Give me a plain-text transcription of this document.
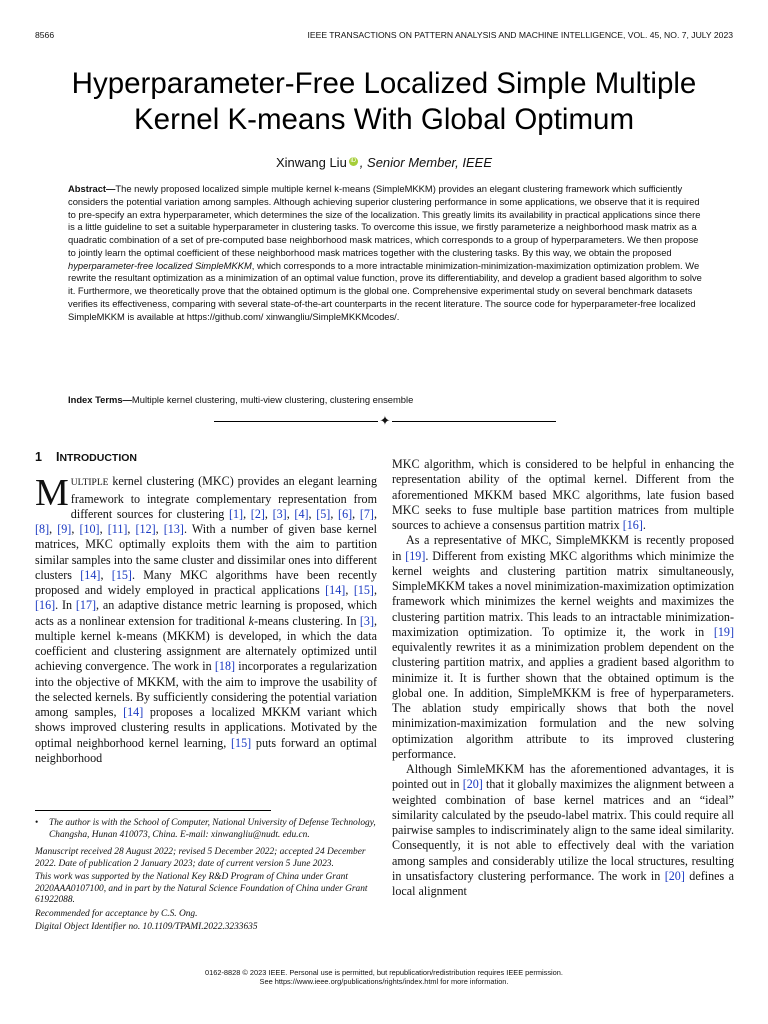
8566	IEEE TRANSACTIONS ON PATTERN ANALYSIS AND MACHINE INTELLIGENCE, VOL. 45, NO. 7, JULY 2023
Hyperparameter-Free Localized Simple Multiple
Kernel K-means With Global Optimum
Xinwang Liu iD , Senior Member, IEEE
Abstract—The newly proposed localized simple multiple kernel k-means (SimpleMKKM) provides an elegant clustering framework which sufficiently considers the potential variation among samples. Although achieving superior clustering performance in some applications, we observe that it is required to pre-specify an extra hyperparameter, which determines the size of the localization. This greatly limits its availability in practical applications since there is a little guideline to set a suitable hyperparameter in clustering tasks. To overcome this issue, we firstly parameterize a neighborhood mask matrix as a quadratic combination of a set of pre-computed base neighborhood mask matrices, which corresponds to a group of hyperparameters. We then propose to jointly learn the optimal coefficient of these neighborhood mask matrices together with the clustering tasks. By this way, we obtain the proposed hyperparameter-free localized SimpleMKKM, which corresponds to a more intractable minimization-minimization-maximization optimization problem. We rewrite the resultant optimization as a minimization of an optimal value function, prove its differentiability, and develop a gradient based algorithm to solve it. Furthermore, we theoretically prove that the obtained optimum is the global one. Comprehensive experimental study on several benchmark datasets verifies its effectiveness, comparing with several state-of-the-art counterparts in the recent literature. The source code for hyperparameter-free localized SimpleMKKM is available at https://github.com/ xinwangliu/SimpleMKKMcodes/.
Index Terms—Multiple kernel clustering, multi-view clustering, clustering ensemble
✦
1 INTRODUCTION

MULTIPLE kernel clustering (MKC) provides an elegant learning framework to integrate complementary representation from different sources for clustering [1], [2], [3], [4], [5], [6], [7], [8], [9], [10], [11], [12], [13]. With a number of given base kernel matrices, MKC optimally exploits them with the aim to partition similar samples into the same cluster and dissimilar ones into different clusters [14], [15]. Many MKC algorithms have been recently proposed and widely employed in practical applications [14], [15], [16]. In [17], an adaptive distance metric learning is proposed, which acts as a nonlinear extension for traditional k-means clustering. In [3], multiple kernel k-means (MKKM) is developed, in which the data coefficient and clustering assignment are alternately optimized until achieving convergence. The work in [18] incorporates a regularization into the objective of MKKM, with the aim to improve the usability of the selected kernels. By sufficiently considering the potential variation among samples, [14] proposes a localized MKKM variant which shows improved clustering results in applications. Motivated by the optimal neighborhood kernel learning, [15] puts forward an optimal neighborhood

MKC algorithm, which is considered to be helpful in enhancing the representation ability of the optimal kernel. Different from the aforementioned MKKM based MKC algorithms, late fusion based MKC seeks to fuse multiple base partition matrices from multiple sources to achieve a consensus partition matrix [16].

As a representative of MKC, SimpleMKKM is recently proposed in [19]. Different from existing MKC algorithms which minimize the kernel weights and clustering partition matrix simultaneously, SimpleMKKM takes a novel minimization-maximization optimization framework which minimizes the kernel weights and maximizes the clustering partition matrix. This leads to an intractable minimization-maximization optimization. To optimize it, the work in [19] equivalently rewrites it as a minimization problem dependent on the clustering partition matrix, and applies a gradient based algorithm to minimize it. It is further shown that the obtained optimum is the global one. In addition, SimpleMKKM is free of hyperparameters. The ablation study empirically shows that both the novel minimization-maximization formulation and the new solving optimization algorithm attribute to its improved clustering performance.

Although SimleMKKM has the aforementioned advantages, it is pointed out in [20] that it globally maximizes the alignment between a weighted combination of base kernel matrices and an “ideal” similarity calculated by the pseudo-label matrix. This could require all pairwise samples to indiscriminately align to the same ideal similarity. Consequently, it is not able to effectively deal with the variation among samples and considerably utilize the local structures, resulting in unsatisfactory clustering performance. The work in [20] defines a local alignment

• The author is with the School of Computer, National University of Defense Technology, Changsha, Hunan 410073, China. E-mail: xinwangliu@nudt. edu.cn.

Manuscript received 28 August 2022; revised 5 December 2022; accepted 24 December 2022. Date of publication 2 January 2023; date of current version 5 June 2023.

This work was supported by the National Key R&D Program of China under Grant 2020AAA0107100, and in part by the Natural Science Foundation of China under Grant 61922088.

Recommended for acceptance by C.S. Ong.

Digital Object Identifier no. 10.1109/TPAMI.2022.3233635

0162-8828 © 2023 IEEE. Personal use is permitted, but republication/redistribution requires IEEE permission.
See https://www.ieee.org/publications/rights/index.html for more information.
